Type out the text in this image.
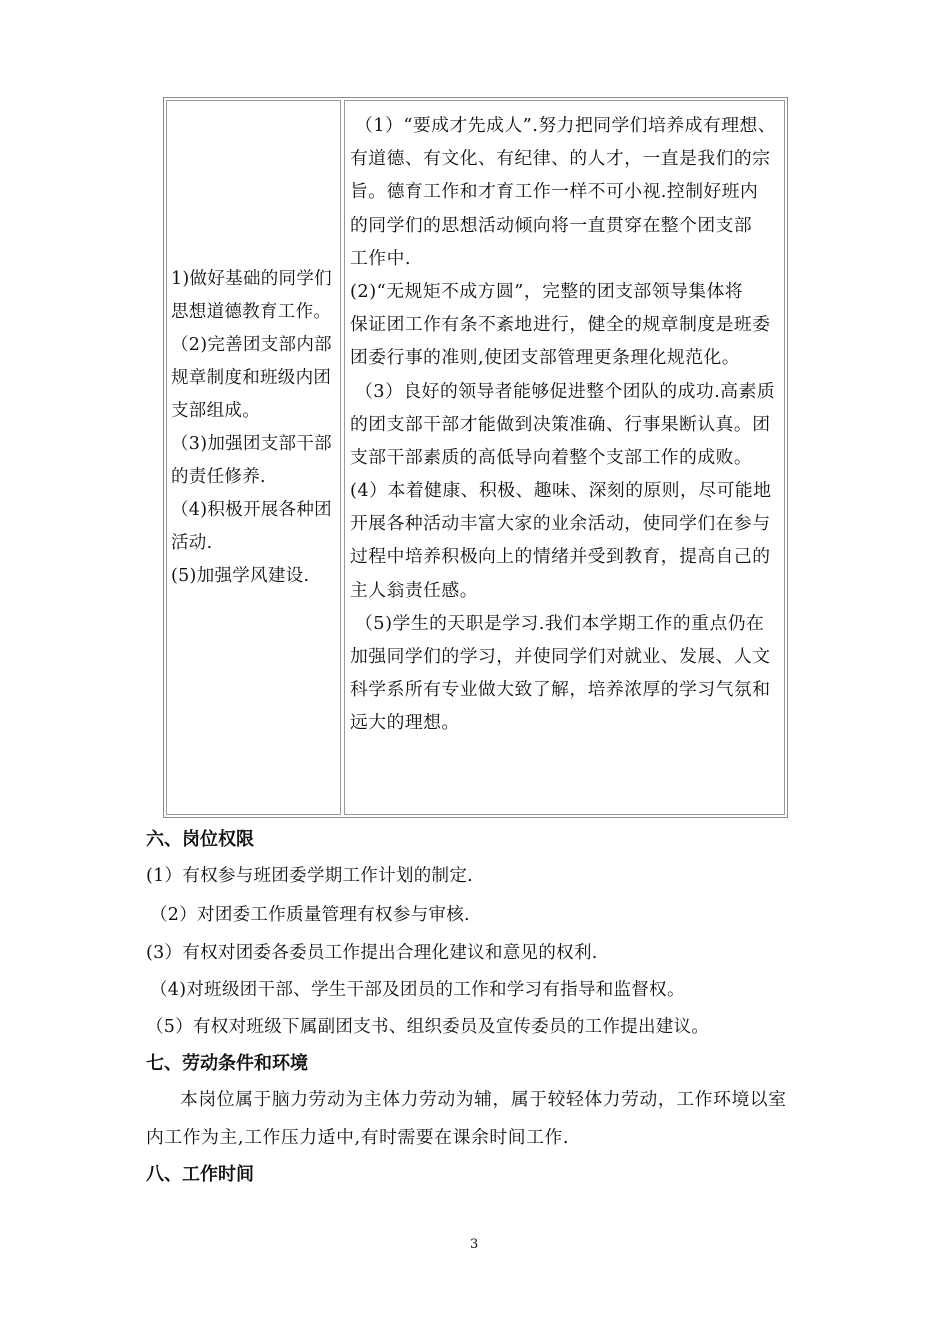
1)做好基础的同学们
思想道德教育工作。
（2)完善团支部内部
规章制度和班级内团
支部组成。
（3)加强团支部干部
的责任修养.
（4)积极开展各种团
活动.
(5)加强学风建设.
（1）“要成才先成人”.努力把同学们培养成有理想、
有道德、有文化、有纪律、的人才，一直是我们的宗
旨。德育工作和才育工作一样不可小视.控制好班内
的同学们的思想活动倾向将一直贯穿在整个团支部
工作中.
(2)“无规矩不成方圆”，完整的团支部领导集体将
保证团工作有条不紊地进行，健全的规章制度是班委
团委行事的准则,使团支部管理更条理化规范化。
（3）良好的领导者能够促进整个团队的成功.高素质
的团支部干部才能做到决策准确、行事果断认真。团
支部干部素质的高低导向着整个支部工作的成败。
(4）本着健康、积极、趣味、深刻的原则，尽可能地
开展各种活动丰富大家的业余活动，使同学们在参与
过程中培养积极向上的情绪并受到教育，提高自己的
主人翁责任感。
（5)学生的天职是学习.我们本学期工作的重点仍在
加强同学们的学习，并使同学们对就业、发展、人文
科学系所有专业做大致了解，培养浓厚的学习气氛和
远大的理想。
六、岗位权限
(1）有权参与班团委学期工作计划的制定.
（2）对团委工作质量管理有权参与审核.
(3）有权对团委各委员工作提出合理化建议和意见的权利.
（4)对班级团干部、学生干部及团员的工作和学习有指导和监督权。
（5）有权对班级下属副团支书、组织委员及宣传委员的工作提出建议。
七、劳动条件和环境
本岗位属于脑力劳动为主体力劳动为辅，属于较轻体力劳动，工作环境以室
内工作为主,工作压力适中,有时需要在课余时间工作.
八、工作时间
3
